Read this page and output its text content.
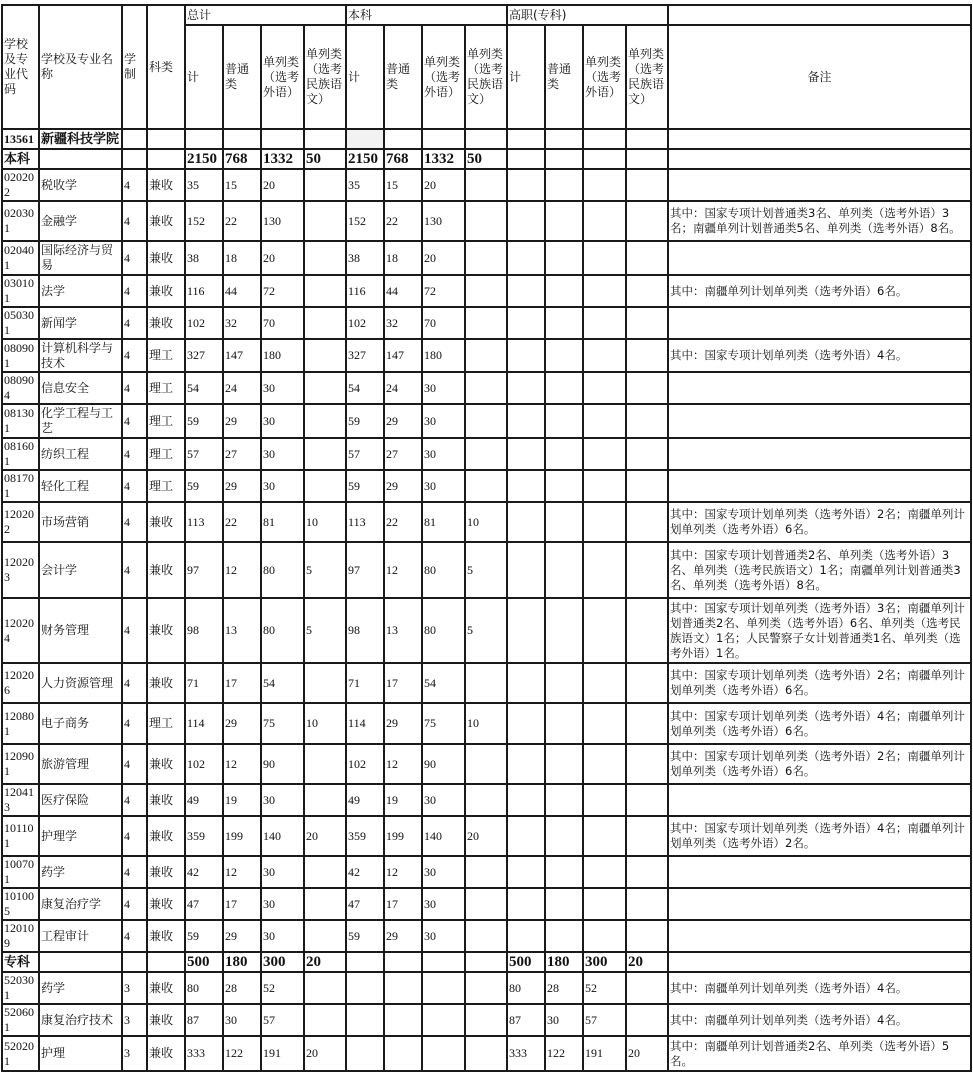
学校及专业代码	学校及专业名称	学制	科类	总计				本科				高职(专科)				
				计	普通类	单列类（选考外语）	单列类（选考民族语文）	计	普通类	单列类（选考外语）	单列类（选考民族语文）	计	普通类	单列类（选考外语）	单列类（选考民族语文）	备注
13561	新疆科技学院															
本科				2150	768	1332	50	2150	768	1332	50					
020202	税收学	4	兼收	35	15	20		35	15	20						
020301	金融学	4	兼收	152	22	130		152	22	130						其中：国家专项计划普通类3名、单列类（选考外语）3名；南疆单列计划普通类5名、单列类（选考外语）8名。
020401	国际经济与贸易	4	兼收	38	18	20		38	18	20						
030101	法学	4	兼收	116	44	72		116	44	72						其中：南疆单列计划单列类（选考外语）6名。
050301	新闻学	4	兼收	102	32	70		102	32	70						
080901	计算机科学与技术	4	理工	327	147	180		327	147	180						其中：国家专项计划单列类（选考外语）4名。
080904	信息安全	4	理工	54	24	30		54	24	30						
081301	化学工程与工艺	4	理工	59	29	30		59	29	30						
081601	纺织工程	4	理工	57	27	30		57	27	30						
081701	轻化工程	4	理工	59	29	30		59	29	30						
120202	市场营销	4	兼收	113	22	81	10	113	22	81	10					其中：国家专项计划单列类（选考外语）2名；南疆单列计划单列类（选考外语）6名。
120203	会计学	4	兼收	97	12	80	5	97	12	80	5					其中：国家专项计划普通类2名、单列类（选考外语）3名、单列类（选考民族语文）1名；南疆单列计划普通类3名、单列类（选考外语）8名。
120204	财务管理	4	兼收	98	13	80	5	98	13	80	5					其中：国家专项计划单列类（选考外语）3名；南疆单列计划普通类2名、单列类（选考外语）6名、单列类（选考民族语文）1名；人民警察子女计划普通类1名、单列类（选考外语）1名。
120206	人力资源管理	4	兼收	71	17	54		71	17	54						其中：国家专项计划单列类（选考外语）2名；南疆单列计划单列类（选考外语）6名。
120801	电子商务	4	理工	114	29	75	10	114	29	75	10					其中：国家专项计划单列类（选考外语）4名；南疆单列计划单列类（选考外语）6名。
120901	旅游管理	4	兼收	102	12	90		102	12	90						其中：国家专项计划单列类（选考外语）2名；南疆单列计划单列类（选考外语）6名。
120413	医疗保险	4	兼收	49	19	30		49	19	30						
101101	护理学	4	兼收	359	199	140	20	359	199	140	20					其中：国家专项计划单列类（选考外语）4名；南疆单列计划单列类（选考外语）2名。
100701	药学	4	兼收	42	12	30		42	12	30						
101005	康复治疗学	4	兼收	47	17	30		47	17	30						
120109	工程审计	4	兼收	59	29	30		59	29	30						
专科				500	180	300	20					500	180	300	20	
520301	药学	3	兼收	80	28	52						80	28	52		其中：南疆单列计划单列类（选考外语）4名。
520601	康复治疗技术	3	兼收	87	30	57						87	30	57		其中：南疆单列计划单列类（选考外语）4名。
520201	护理	3	兼收	333	122	191	20					333	122	191	20	其中：南疆单列计划普通类2名、单列类（选考外语）5名。
